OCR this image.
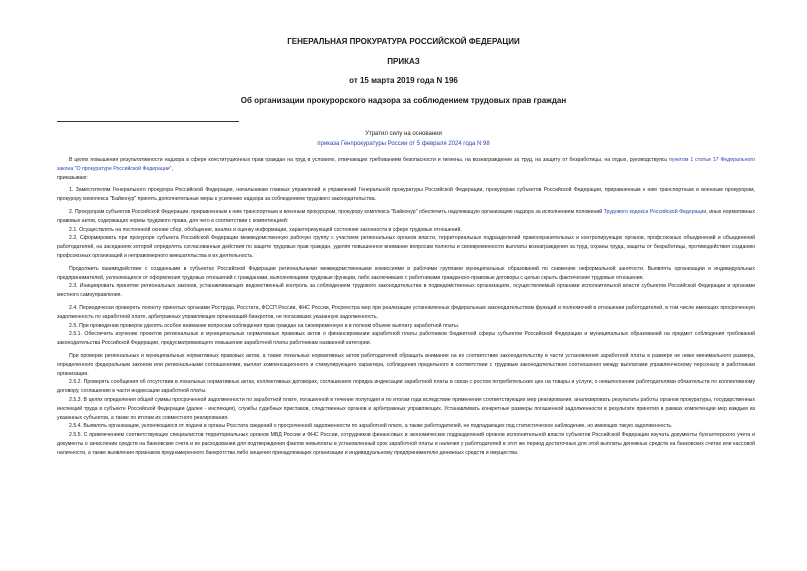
ГЕНЕРАЛЬНАЯ ПРОКУРАТУРА РОССИЙСКОЙ ФЕДЕРАЦИИ
ПРИКАЗ
от 15 марта 2019 года N 196
Об организации прокурорского надзора за соблюдением трудовых прав граждан
Утратил силу на основании
приказа Генпрокуратуры России от 5 февраля 2024 года N 98

В целях повышения результативности надзора в сфере конституционных прав граждан на труд в условиях, отвечающих требованиям безопасности и гигиены, на вознаграждение за труд, на защиту от безработицы, на отдых, руководствуясь пунктом 1 статьи 17 Федерального закона "О прокуратуре Российской Федерации",

приказываю:

1. Заместителям Генерального прокурора Российской Федерации, начальникам главных управлений и управлений Генеральной прокуратуры Российской Федерации, прокурорам субъектов Российской Федерации, приравненным к ним транспортным и военным прокурорам, прокурору комплекса "Байконур" принять дополнительные меры к усилению надзора за соблюдением трудового законодательства.

2. Прокурорам субъектов Российской Федерации, приравненным к ним транспортным и военным прокурорам, прокурору комплекса "Байконур" обеспечить надлежащую организацию надзора за исполнением положений Трудового кодекса Российской Федерации, иных нормативных правовых актов, содержащих нормы трудового права, для чего в соответствии с компетенцией:

2.1. Осуществлять на постоянной основе сбор, обобщение, анализ и оценку информации, характеризующей состояние законности в сфере трудовых отношений.

2.2. Сформировать при прокуроре субъекта Российской Федерации межведомственную рабочую группу с участием региональных органов власти, территориальных подразделений правоохранительных и контролирующих органов, профсоюзных объединений и объединений работодателей, на заседаниях которой определять согласованные действия по защите трудовых прав граждан, уделяя повышенное внимание вопросам полноты и своевременности выплаты вознаграждения за труд, охраны труда, защиты от безработицы, противодействия созданию профсоюзных организаций и неправомерного вмешательства в их деятельность.

Продолжить взаимодействие с созданными в субъектах Российской Федерации региональными межведомственными комиссиями и рабочими группами муниципальных образований по снижению неформальной занятости. Выявлять организации и индивидуальных предпринимателей, уклоняющихся от оформления трудовых отношений с гражданами, выполняющими трудовые функции, либо заключивших с работниками гражданско-правовые договоры с целью скрыть фактические трудовые отношения.

2.3. Инициировать принятие региональных законов, устанавливающих ведомственный контроль за соблюдением трудового законодательства в подведомственных организациях, осуществляемый органами исполнительной власти субъектов Российской Федерации и органами местного самоуправления.

2.4. Периодически проверять полноту принятых органами Роструда, Росстата, ФССП России, ФНС России, Росреестра мер при реализации установленных федеральным законодательством функций и полномочий в отношении работодателей, в том числе имеющих просроченную задолженность по заработной плате, арбитражных управляющих организаций-банкротов, не погасивших указанную задолженность.

2.5. При проведении проверок уделять особое внимание вопросам соблюдения прав граждан на своевременную и в полном объеме выплату заработной платы.

2.5.1. Обеспечить изучение проектов региональных и муниципальных нормативных правовых актов о финансировании заработной платы работников бюджетной сферы субъектов Российской Федерации и муниципальных образований на предмет соблюдения требований законодательства Российской Федерации, предусматривающего повышение заработной платы работникам названной категории.

При проверке региональных и муниципальных нормативных правовых актов, а также локальных нормативных актов работодателей обращать внимание на их соответствие законодательству в части установления заработной платы в размере не ниже минимального размера, определенного федеральным законом или региональными соглашениями, выплат компенсационного и стимулирующего характера, соблюдения предельного в соответствии с трудовым законодательством соотношения между выплатами управленческому персоналу и работникам организации.

2.5.2. Проверять сообщения об отсутствии в локальных нормативных актах, коллективных договорах, соглашениях порядка индексации заработной платы в связи с ростом потребительских цен на товары и услуги, о невыполнении работодателями обязательств по коллективному договору, соглашению в части индексации заработной платы.

2.5.3. В целях определения общей суммы просроченной задолженности по заработной плате, погашенной в течение полугодия и по итогам года вследствие применения соответствующих мер реагирования, анализировать результаты работы органов прокуратуры, государственных инспекций труда в субъекте Российской Федерации (далее - инспекция), службы судебных приставов, следственных органов и арбитражных управляющих. Устанавливать конкретные размеры погашенной задолженности в результате принятия в рамках компетенции мер каждым из указанных субъектов, а также по итогам их совместного реагирования.

2.5.4. Выявлять организации, уклоняющиеся от подачи в органы Росстата сведений о просроченной задолженности по заработной плате, а также работодателей, не подпадающих под статистическое наблюдение, но имеющих такую задолженность.

2.5.5. С привлечением соответствующих специалистов территориальных органов МВД России и ФНС России, сотрудников финансовых и экономических подразделений органов исполнительной власти субъектов Российской Федерации изучать документы бухгалтерского учета и документы о зачислении средств на банковские счета и их расходовании для подтверждения фактов невыплаты в установленный срок заработной платы и наличия у работодателей в этот же период достаточных для этой выплаты денежных средств на банковских счетах или кассовой наличности, а также выявления признаков преднамеренного банкротства либо хищения принадлежащих организации и индивидуальному предпринимателю денежных средств и имущества.
